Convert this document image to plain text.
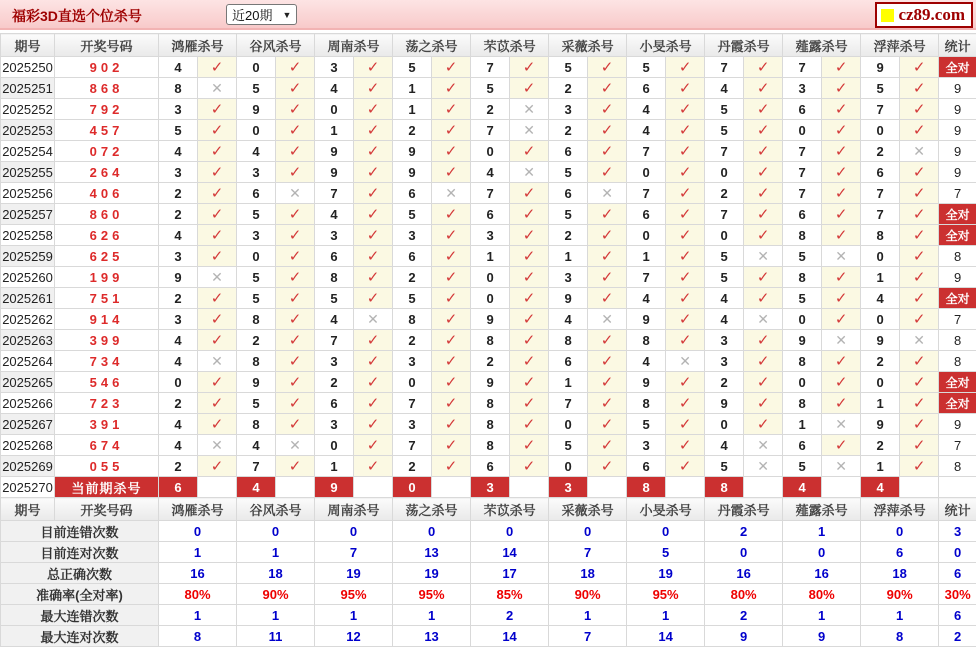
福彩3D直选个位杀号	近20期 ▼	cz89.com
期号	开奖号码	鸿雁杀号		谷风杀号		周南杀号		荡之杀号		芣苡杀号		采薇杀号		小旻杀号		丹霞杀号		薤露杀号		浮萍杀号		统计
2025250	902	4	✓	0	✓	3	✓	5	✓	7	✓	5	✓	5	✓	7	✓	7	✓	9	✓	全对
2025251	868	8	✕	5	✓	4	✓	1	✓	5	✓	2	✓	6	✓	4	✓	3	✓	5	✓	9
2025252	792	3	✓	9	✓	0	✓	1	✓	2	✕	3	✓	4	✓	5	✓	6	✓	7	✓	9
2025253	457	5	✓	0	✓	1	✓	2	✓	7	✕	2	✓	4	✓	5	✓	0	✓	0	✓	9
2025254	072	4	✓	4	✓	9	✓	9	✓	0	✓	6	✓	7	✓	7	✓	7	✓	2	✕	9
2025255	264	3	✓	3	✓	9	✓	9	✓	4	✕	5	✓	0	✓	0	✓	7	✓	6	✓	9
2025256	406	2	✓	6	✕	7	✓	6	✕	7	✓	6	✕	7	✓	2	✓	7	✓	7	✓	7
2025257	860	2	✓	5	✓	4	✓	5	✓	6	✓	5	✓	6	✓	7	✓	6	✓	7	✓	全对
2025258	626	4	✓	3	✓	3	✓	3	✓	3	✓	2	✓	0	✓	0	✓	8	✓	8	✓	全对
2025259	625	3	✓	0	✓	6	✓	6	✓	1	✓	1	✓	1	✓	5	✕	5	✕	0	✓	8
2025260	199	9	✕	5	✓	8	✓	2	✓	0	✓	3	✓	7	✓	5	✓	8	✓	1	✓	9
2025261	751	2	✓	5	✓	5	✓	5	✓	0	✓	9	✓	4	✓	4	✓	5	✓	4	✓	全对
2025262	914	3	✓	8	✓	4	✕	8	✓	9	✓	4	✕	9	✓	4	✕	0	✓	0	✓	7
2025263	399	4	✓	2	✓	7	✓	2	✓	8	✓	8	✓	8	✓	3	✓	9	✕	9	✕	8
2025264	734	4	✕	8	✓	3	✓	3	✓	2	✓	6	✓	4	✕	3	✓	8	✓	2	✓	8
2025265	546	0	✓	9	✓	2	✓	0	✓	9	✓	1	✓	9	✓	2	✓	0	✓	0	✓	全对
2025266	723	2	✓	5	✓	6	✓	7	✓	8	✓	7	✓	8	✓	9	✓	8	✓	1	✓	全对
2025267	391	4	✓	8	✓	3	✓	3	✓	8	✓	0	✓	5	✓	0	✓	1	✕	9	✓	9
2025268	674	4	✕	4	✕	0	✓	7	✓	8	✓	5	✓	3	✓	4	✕	6	✓	2	✓	7
2025269	055	2	✓	7	✓	1	✓	2	✓	6	✓	0	✓	6	✓	5	✕	5	✕	1	✓	8
2025270	当前期杀号	6		4		9		0		3		3		8		8		4		4		
期号	开奖号码	鸿雁杀号		谷风杀号		周南杀号		荡之杀号		芣苡杀号		采薇杀号		小旻杀号		丹霞杀号		薤露杀号		浮萍杀号		统计
目前连错次数		0		0		0		0		0		0		0		2		1		0		3
目前连对次数		1		1		7		13		14		7		5		0		0		6		0
总正确次数		16		18		19		19		17		18		19		16		16		18		6
准确率(全对率)		80%		90%		95%		95%		85%		90%		95%		80%		80%		90%		30%
最大连错次数		1		1		1		1		2		1		1		2		1		1		6
最大连对次数		8		11		12		13		14		7		14		9		9		8		2
